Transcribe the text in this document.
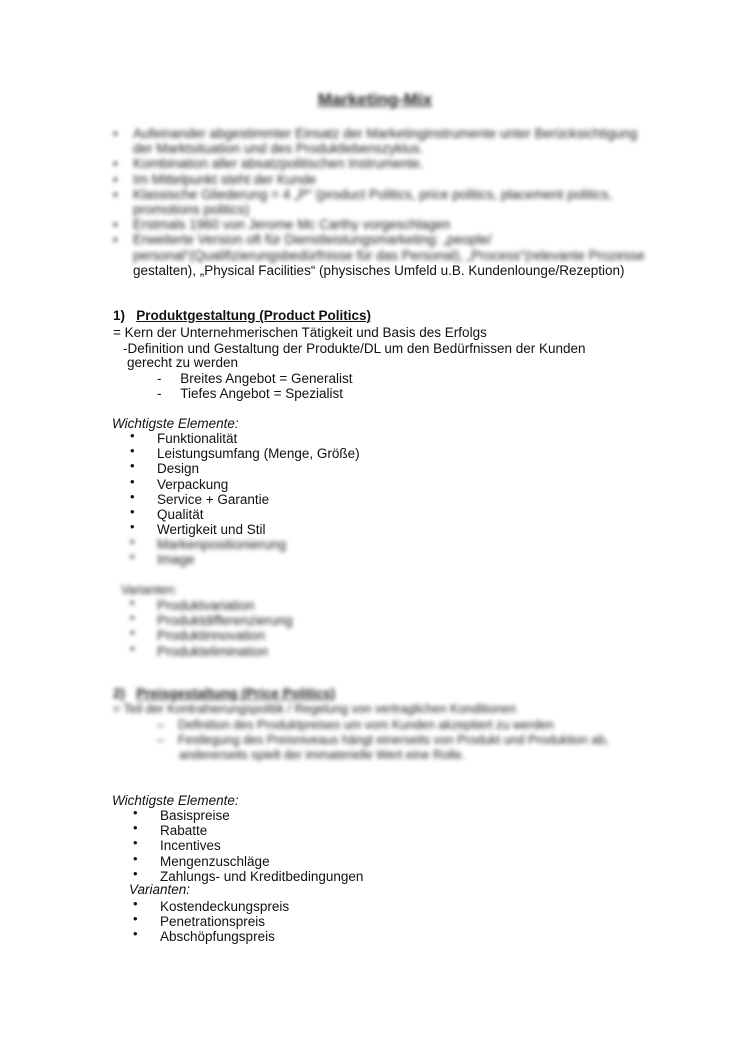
Marketing-Mix
• Aufeinander abgestimmter Einsatz der Marketinginstrumente unter Berücksichtigung
der Marktsituation und des Produktlebenszyklus.
• Kombination aller absatzpolitischen Instrumente.
• Im Mittelpunkt steht der Kunde
• Klassische Gliederung = 4 „P“ (product Politics, price politics, placement politics,
promotions politics)
• Erstmals 1960 von Jerome Mc Carthy vorgeschlagen
• Erweiterte Version oft für Dienstleistungsmarketing: „people/
personal“(Qualifizierungsbedürfnisse für das Personal), „Process“(relevante Prozesse
gestalten), „Physical Facilities“ (physisches Umfeld u.B. Kundenlounge/Rezeption)
1) Produktgestaltung (Product Politics)
= Kern der Unternehmerischen Tätigkeit und Basis des Erfolgs
-Definition und Gestaltung der Produkte/DL um den Bedürfnissen der Kunden
gerecht zu werden
-     Breites Angebot = Generalist
-     Tiefes Angebot = Spezialist
Wichtigste Elemente:
• Funktionalität
• Leistungsumfang (Menge, Größe)
• Design
• Verpackung
• Service + Garantie
• Qualität
• Wertigkeit und Stil
• Markenpositionierung
• Image
Varianten:
• Produktvariation
• Produktdifferenzierung
• Produktinnovation
• Produktelimination
2) Preisgestaltung (Price Politics)
= Teil der Kontrahierungspolitik / Regelung von vertraglichen Konditionen
–    Definition des Produktpreises um vom Kunden akzeptiert zu werden
–    Festlegung des Preisniveaus hängt einerseits von Produkt und Produktion ab,
andererseits spielt der immaterielle Wert eine Rolle.
Wichtigste Elemente:
• Basispreise
• Rabatte
• Incentives
• Mengenzuschläge
• Zahlungs- und Kreditbedingungen
Varianten:
• Kostendeckungspreis
• Penetrationspreis
• Abschöpfungspreis
